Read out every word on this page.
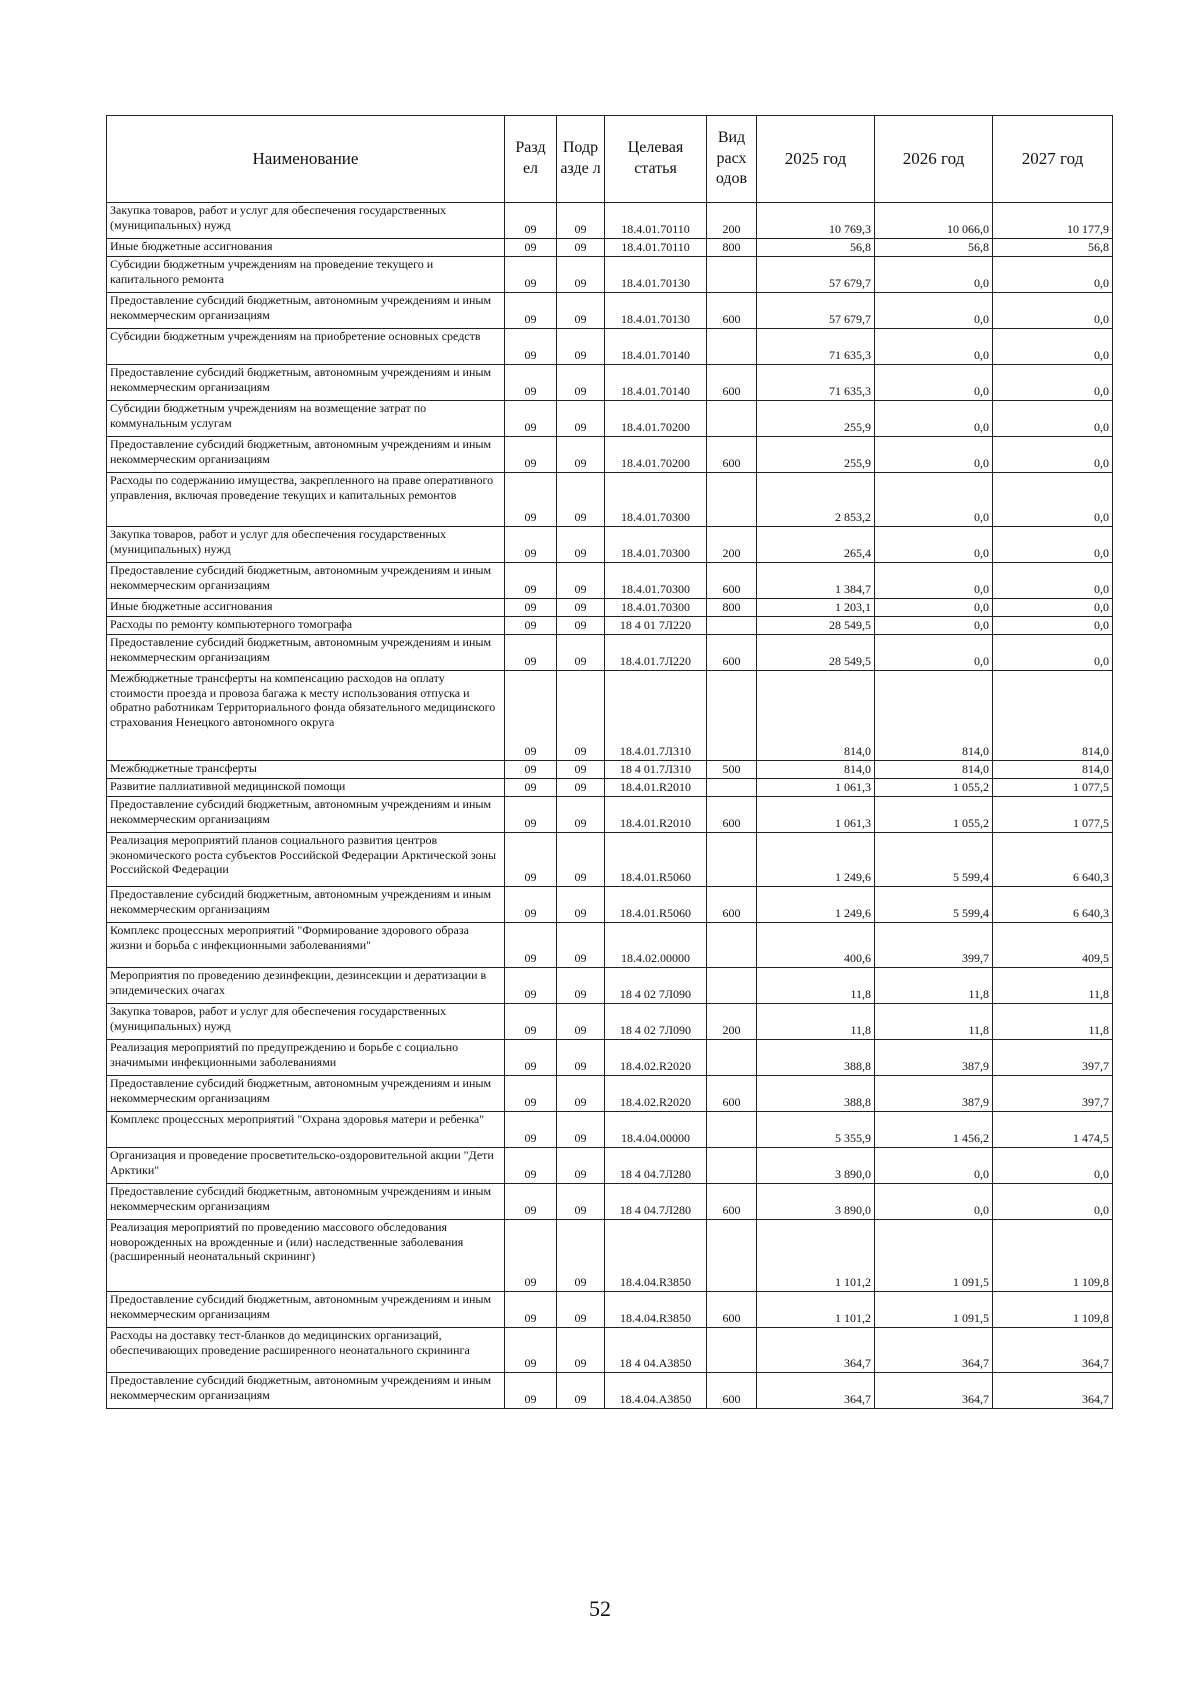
Наименование	Разд ел	Подр азде л	Целевая статья	Вид расх одов	2025 год	2026 год	2027 год
Закупка товаров, работ и услуг для обеспечения государственных (муниципальных) нужд	09	09	18.4.01.70110	200	10 769,3	10 066,0	10 177,9
Иные бюджетные ассигнования	09	09	18.4.01.70110	800	56,8	56,8	56,8
Субсидии бюджетным учреждениям на проведение текущего и капитального ремонта	09	09	18.4.01.70130		57 679,7	0,0	0,0
Предоставление субсидий бюджетным, автономным учреждениям и иным некоммерческим организациям	09	09	18.4.01.70130	600	57 679,7	0,0	0,0
Субсидии бюджетным учреждениям на приобретение основных средств	09	09	18.4.01.70140		71 635,3	0,0	0,0
Предоставление субсидий бюджетным, автономным учреждениям и иным некоммерческим организациям	09	09	18.4.01.70140	600	71 635,3	0,0	0,0
Субсидии бюджетным учреждениям на возмещение затрат по коммунальным услугам	09	09	18.4.01.70200		255,9	0,0	0,0
Предоставление субсидий бюджетным, автономным учреждениям и иным некоммерческим организациям	09	09	18.4.01.70200	600	255,9	0,0	0,0
Расходы по содержанию имущества, закрепленного на праве оперативного управления, включая проведение текущих и капитальных ремонтов	09	09	18.4.01.70300		2 853,2	0,0	0,0
Закупка товаров, работ и услуг для обеспечения государственных (муниципальных) нужд	09	09	18.4.01.70300	200	265,4	0,0	0,0
Предоставление субсидий бюджетным, автономным учреждениям и иным некоммерческим организациям	09	09	18.4.01.70300	600	1 384,7	0,0	0,0
Иные бюджетные ассигнования	09	09	18.4.01.70300	800	1 203,1	0,0	0,0
Расходы по ремонту компьютерного томографа	09	09	18 4 01 7Л220		28 549,5	0,0	0,0
Предоставление субсидий бюджетным, автономным учреждениям и иным некоммерческим организациям	09	09	18.4.01.7Л220	600	28 549,5	0,0	0,0
Межбюджетные трансферты на компенсацию расходов на оплату стоимости проезда и провоза багажа к месту использования отпуска и обратно работникам Территориального фонда обязательного медицинского страхования Ненецкого автономного округа	09	09	18.4.01.7Л310		814,0	814,0	814,0
Межбюджетные трансферты	09	09	18 4 01.7Л310	500	814,0	814,0	814,0
Развитие паллиативной медицинской помощи	09	09	18.4.01.R2010		1 061,3	1 055,2	1 077,5
Предоставление субсидий бюджетным, автономным учреждениям и иным некоммерческим организациям	09	09	18.4.01.R2010	600	1 061,3	1 055,2	1 077,5
Реализация мероприятий планов социального развития центров экономического роста субъектов Российской Федерации Арктической зоны Российской Федерации	09	09	18.4.01.R5060		1 249,6	5 599,4	6 640,3
Предоставление субсидий бюджетным, автономным учреждениям и иным некоммерческим организациям	09	09	18.4.01.R5060	600	1 249,6	5 599,4	6 640,3
Комплекс процессных мероприятий "Формирование здорового образа жизни и борьба с инфекционными заболеваниями"	09	09	18.4.02.00000		400,6	399,7	409,5
Мероприятия по проведению дезинфекции, дезинсекции и дератизации в эпидемических очагах	09	09	18 4 02 7Л090		11,8	11,8	11,8
Закупка товаров, работ и услуг для обеспечения государственных (муниципальных) нужд	09	09	18 4 02 7Л090	200	11,8	11,8	11,8
Реализация мероприятий по предупреждению и борьбе с социально значимыми инфекционными заболеваниями	09	09	18.4.02.R2020		388,8	387,9	397,7
Предоставление субсидий бюджетным, автономным учреждениям и иным некоммерческим организациям	09	09	18.4.02.R2020	600	388,8	387,9	397,7
Комплекс процессных мероприятий "Охрана здоровья матери и ребенка"	09	09	18.4.04.00000		5 355,9	1 456,2	1 474,5
Организация и проведение просветительско-оздоровительной акции "Дети Арктики"	09	09	18 4 04.7Л280		3 890,0	0,0	0,0
Предоставление субсидий бюджетным, автономным учреждениям и иным некоммерческим организациям	09	09	18 4 04.7Л280	600	3 890,0	0,0	0,0
Реализация мероприятий по проведению массового обследования новорожденных на врожденные и (или) наследственные заболевания (расширенный неонатальный скрининг)	09	09	18.4.04.R3850		1 101,2	1 091,5	1 109,8
Предоставление субсидий бюджетным, автономным учреждениям и иным некоммерческим организациям	09	09	18.4.04.R3850	600	1 101,2	1 091,5	1 109,8
Расходы на доставку тест-бланков до медицинских организаций, обеспечивающих проведение расширенного неонатального скрининга	09	09	18 4 04.А3850		364,7	364,7	364,7
Предоставление субсидий бюджетным, автономным учреждениям и иным некоммерческим организациям	09	09	18.4.04.А3850	600	364,7	364,7	364,7
52
